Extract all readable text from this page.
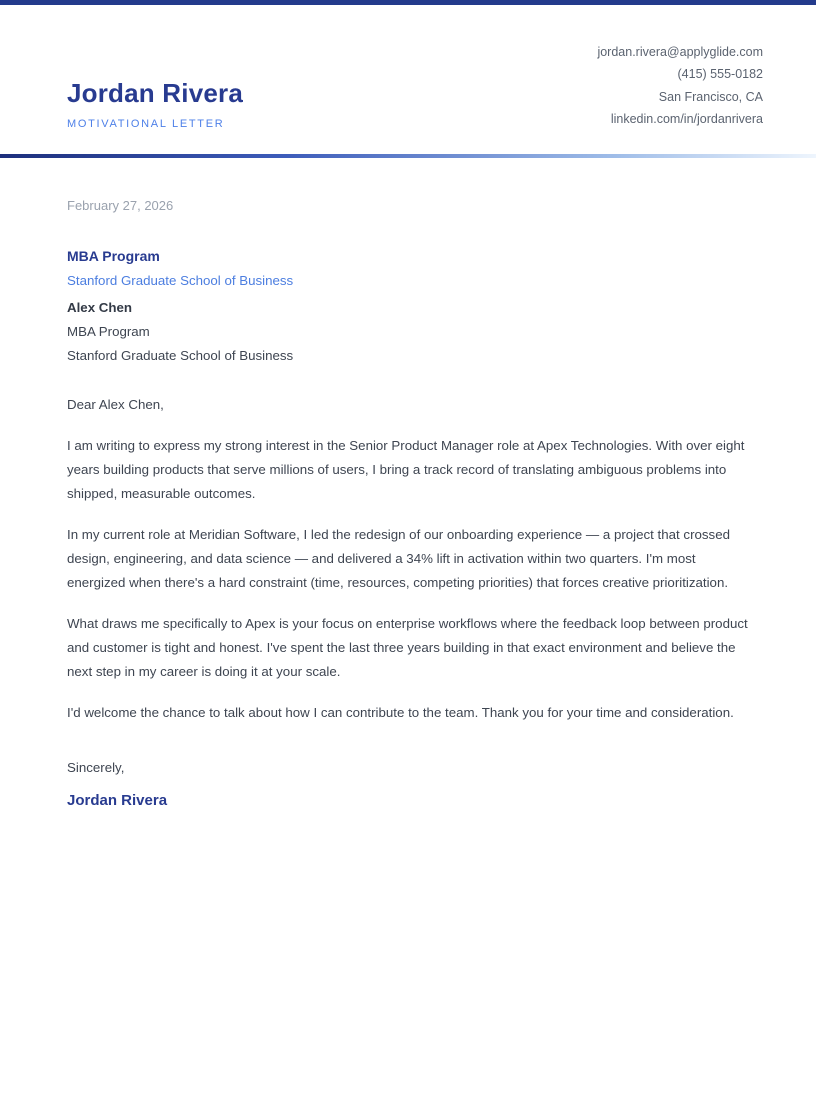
Jordan Rivera
MOTIVATIONAL LETTER
jordan.rivera@applyglide.com
(415) 555-0182
San Francisco, CA
linkedin.com/in/jordanrivera

February 27, 2026

MBA Program

Stanford Graduate School of Business

Alex Chen

MBA Program

Stanford Graduate School of Business

Dear Alex Chen,

I am writing to express my strong interest in the Senior Product Manager role at Apex Technologies. With over eight years building products that serve millions of users, I bring a track record of translating ambiguous problems into shipped, measurable outcomes.

In my current role at Meridian Software, I led the redesign of our onboarding experience — a project that crossed design, engineering, and data science — and delivered a 34% lift in activation within two quarters. I'm most energized when there's a hard constraint (time, resources, competing priorities) that forces creative prioritization.

What draws me specifically to Apex is your focus on enterprise workflows where the feedback loop between product and customer is tight and honest. I've spent the last three years building in that exact environment and believe the next step in my career is doing it at your scale.

I'd welcome the chance to talk about how I can contribute to the team. Thank you for your time and consideration.

Sincerely,

Jordan Rivera
